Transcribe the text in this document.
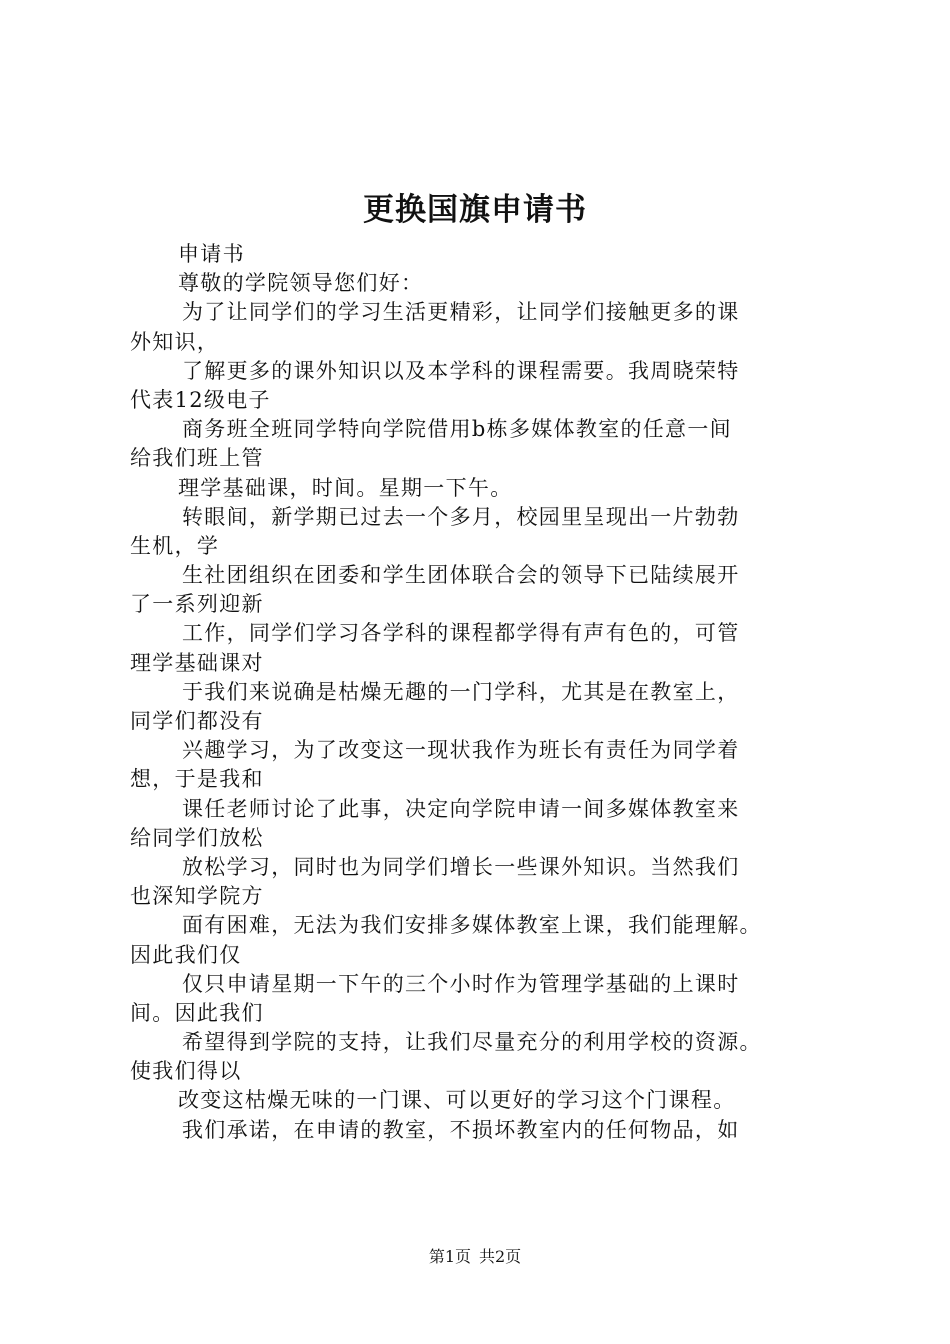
更换国旗申请书
申请书
尊敬的学院领导您们好：
为了让同学们的学习生活更精彩，让同学们接触更多的课
外知识，
了解更多的课外知识以及本学科的课程需要。我周晓荣特
代表12级电子
商务班全班同学特向学院借用b栋多媒体教室的任意一间
给我们班上管
理学基础课，时间。星期一下午。
转眼间，新学期已过去一个多月，校园里呈现出一片勃勃
生机，学
生社团组织在团委和学生团体联合会的领导下已陆续展开
了一系列迎新
工作，同学们学习各学科的课程都学得有声有色的，可管
理学基础课对
于我们来说确是枯燥无趣的一门学科，尤其是在教室上，
同学们都没有
兴趣学习，为了改变这一现状我作为班长有责任为同学着
想，于是我和
课任老师讨论了此事，决定向学院申请一间多媒体教室来
给同学们放松
放松学习，同时也为同学们增长一些课外知识。当然我们
也深知学院方
面有困难，无法为我们安排多媒体教室上课，我们能理解。
因此我们仅
仅只申请星期一下午的三个小时作为管理学基础的上课时
间。因此我们
希望得到学院的支持，让我们尽量充分的利用学校的资源。
使我们得以
改变这枯燥无味的一门课、可以更好的学习这个门课程。
我们承诺，在申请的教室，不损坏教室内的任何物品，如
第1页 共2页
